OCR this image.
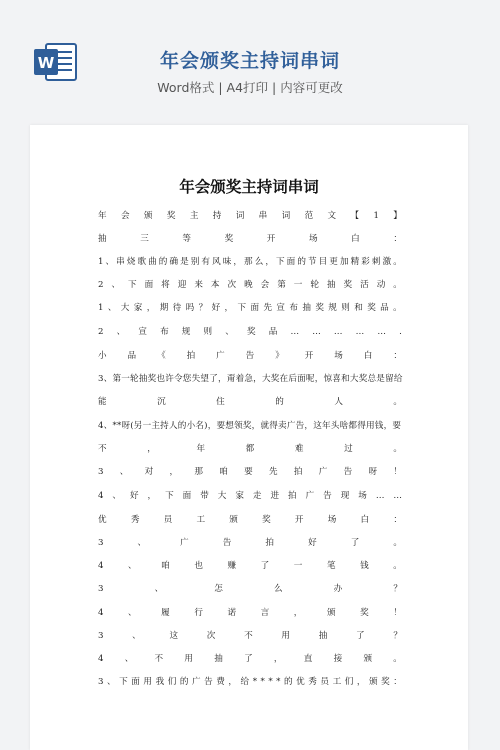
W	年会颁奖主持词串词
Word格式 | A4打印 | 内容可更改
年会颁奖主持词串词
年 会 颁 奖 主 持 词 串 词 范 文 【 1 】
抽	三	等	奖	开	场	白	：
1 、 串 烧 歌 曲 的 确 是 别 有 风 味 ， 那 么 ， 下 面 的 节 目 更 加 精 彩 刺 激 。
2 、 下 面 将 迎 来 本 次 晚 会 第 一 轮 抽 奖 活 动 。
1 、 大 家 ， 期 待 吗 ？ 好 ， 下 面 先 宣 布 抽 奖 规 则 和 奖 品 。
2 、 宣 布 规 则 、 奖 品 … … … … … .
小 品 《 拍 广 告 》 开 场 白 ：
3、第一轮抽奖也许令您失望了，甭着急，大奖在后面呢，惊喜和大奖总是留给
能	沉	住	的	人	。
4、**呀(另一主持人的小名)，要想领奖，就得卖广告，这年头啥都得用钱，要
不	，	年	都	难	过	。
3 、 对 ， 那 咱 要 先 拍 广 告 呀 ！
4 、 好 ， 下 面 带 大 家 走 进 拍 广 告 现 场 … …
优	秀	员	工	颁	奖	开	场	白	：
3	、	广	告	拍	好	了	。
4	、	咱	也	赚	了	一	笔	钱	。
3	、	怎	么	办	？
4	、	履	行	诺	言	，	颁	奖	！
3	、	这	次	不	用	抽	了	？
4 、 不 用 抽 了 ， 直 接 颁 。
3 、 下 面 用 我 们 的 广 告 费 ， 给 * * * * 的 优 秀 员 工 们 ， 颁 奖 ：
